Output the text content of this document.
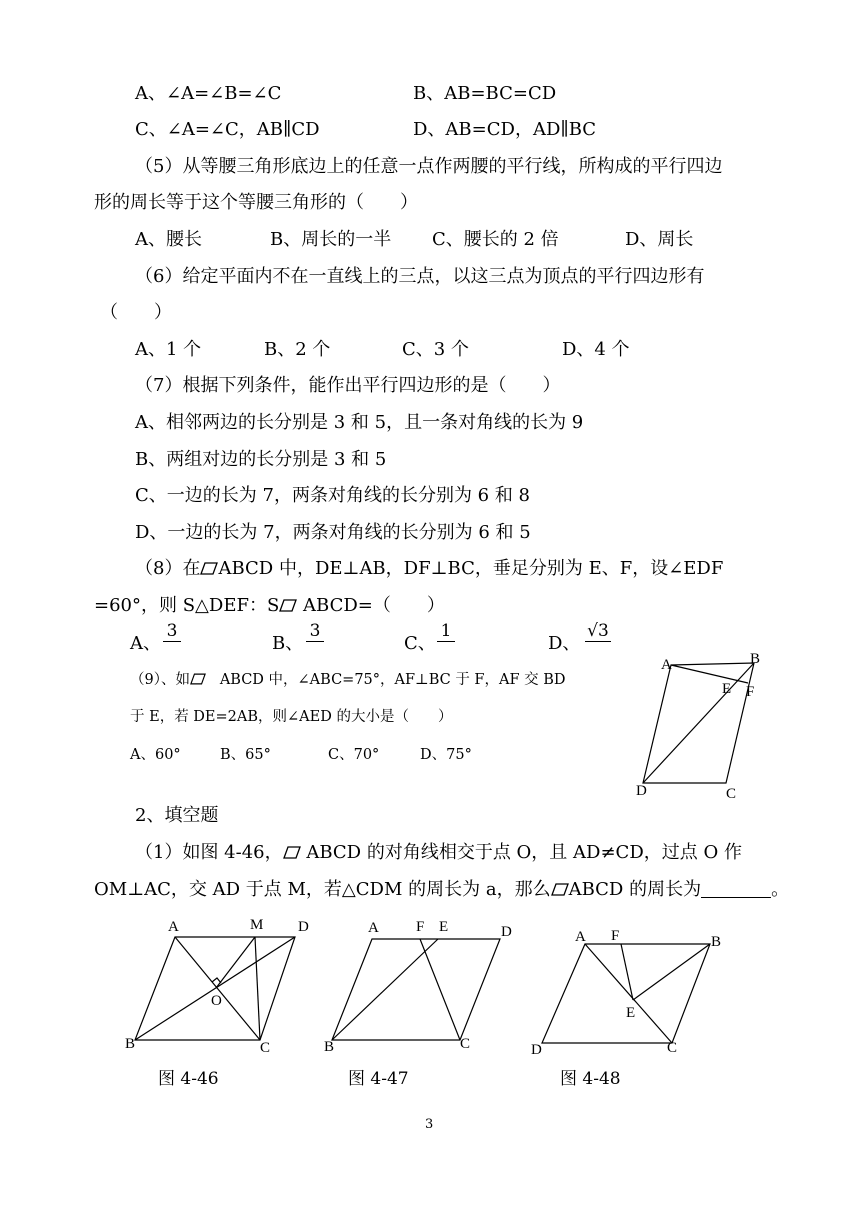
A、∠A=∠B=∠C	B、AB=BC=CD
C、∠A=∠C，AB∥CD	D、AB=CD，AD∥BC
（5）从等腰三角形底边上的任意一点作两腰的平行线，所构成的平行四边
形的周长等于这个等腰三角形的（　　）
A、腰长	B、周长的一半 C、腰长的 2 倍	D、周长
（6）给定平面内不在一直线上的三点，以这三点为顶点的平行四边形有
（　　）
A、1 个	B、2 个	C、3 个	D、4 个
（7）根据下列条件，能作出平行四边形的是（　　）
A、相邻两边的长分别是 3 和 5，且一条对角线的长为 9
B、两组对边的长分别是 3 和 5
C、一边的长为 7，两条对角线的长分别为 6 和 8
D、一边的长为 7，两条对角线的长分别为 6 和 5
（8）在 ABCD 中，DE⊥AB，DF⊥BC，垂足分别为 E、F，设∠EDF
=60°，则 S△DEF：S ABCD=（　　）
A、
3
B、
3
C、
1
D、
√3
（9）、如 ABCD 中，∠ABC=75°，AF⊥BC 于 F，AF 交 BD
于 E，若 DE=2AB，则∠AED 的大小是（　　）
A、60°	B、65°	C、70°	D、75°
A	B
C
D
E F
2、填空题
（1）如图 4-46， ABCD 的对角线相交于点 O，且 AD≠CD，过点 O 作
OM⊥AC，交 AD 于点 M，若△CDM 的周长为 a，那么 ABCD 的周长为	。
A	M D
O
B	C
A F E	D
B	C
A F	B
E
D	C
图 4-46	图 4-47	图 4-48
3
